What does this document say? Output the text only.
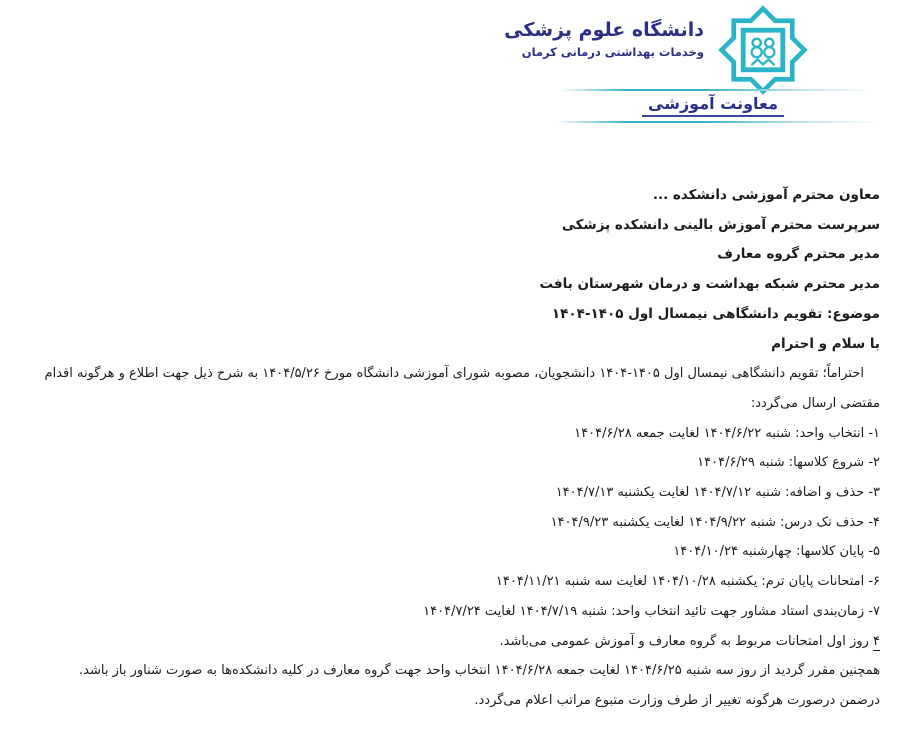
دانشگاه علوم پزشکی
وخدمات بهداشتی درمانی کرمان
معاونت آموزشی
معاون محترم آموزشی دانشکده ...
سرپرست محترم آموزش بالینی دانشکده پزشکی
مدیر محترم گروه معارف
مدیر محترم شبکه بهداشت و درمان شهرستان بافت
موضوع: تقویم دانشگاهی نیمسال اول ۱۴۰۵-۱۴۰۴
با سلام و احترام
احتراماً؛ تقویم دانشگاهی نیمسال اول ۱۴۰۵-۱۴۰۴ دانشجویان، مصوبه شورای آموزشی دانشگاه مورخ ۱۴۰۴/۵/۲۶ به شرح ذیل جهت اطلاع و هرگونه اقدام
مقتضی ارسال می‌گردد:
۱- انتخاب واحد: شنبه ۱۴۰۴/۶/۲۲ لغایت جمعه ۱۴۰۴/۶/۲۸
۲- شروع کلاسها: شنبه ۱۴۰۴/۶/۲۹
۳- حذف و اضافه: شنبه ۱۴۰۴/۷/۱۲ لغایت یکشنبه ۱۴۰۴/۷/۱۳
۴- حذف تک درس: شنبه ۱۴۰۴/۹/۲۲ لغایت یکشنبه ۱۴۰۴/۹/۲۳
۵- پایان کلاسها: چهارشنبه ۱۴۰۴/۱۰/۲۴
۶- امتحانات پایان ترم: یکشنبه ۱۴۰۴/۱۰/۲۸ لغایت سه شنبه ۱۴۰۴/۱۱/۲۱
۷- زمان‌بندی استاد مشاور جهت تائید انتخاب واحد: شنبه ۱۴۰۴/۷/۱۹ لغایت ۱۴۰۴/۷/۲۴
۴ روز اول امتحانات مربوط به گروه معارف و آموزش عمومی می‌باشد.
همچنین مقرر گردید از روز سه شنبه ۱۴۰۴/۶/۲۵ لغایت جمعه ۱۴۰۴/۶/۲۸ انتخاب واحد جهت گروه معارف در کلیه دانشکده‌ها به صورت شناور باز باشد.
درضمن درصورت هرگونه تغییر از طرف وزارت متبوع مراتب اعلام می‌گردد.
